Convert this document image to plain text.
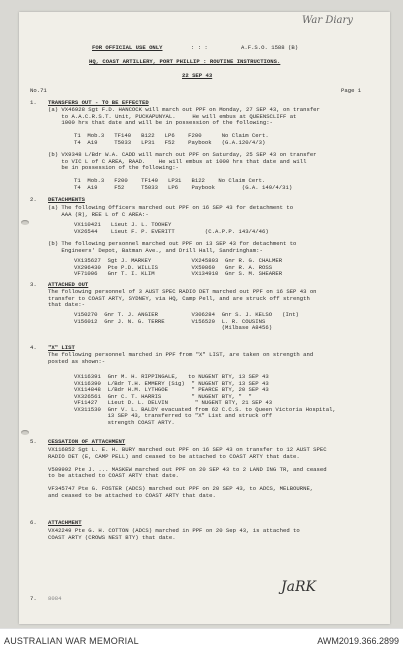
War Diary
FOR OFFICIAL USE ONLY	: : :	A.F.S.O. 1588 (B)
HQ, COAST ARTILLERY, PORT PHILLIP : ROUTINE INSTRUCTIONS.
22 SEP 43
No.71	Page 1
1. TRANSFERS OUT - TO BE EFFECTED
(a) VX46928 Sgt F.D. HANCOCK will march out PPF on Monday, 27 SEP 43, on transfer
to A.A.C.R.S.T. Unit, PUCKAPUNYAL.     He will embus at QUEENSCLIFF at
1000 hrs that date and will be in possession of the following:-
T1  Mob.3   TF140   B122   LP6    F200      No Claim Cert.
T4  A19     T5033   LP31   F52    Paybook   (G.A.120/4/3)
(b) VX9348 L/Bdr W.A. CADD will march out PPF on Saturday, 25 SEP 43 on transfer
to VIC L of C AREA, RAAD.    He will embus at 1000 hrs that date and will
be in possession of the following:-
T1  Mob.3   F200    TF140   LP31   B122    No Claim Cert.
T4  A19     F52     T5033   LP6    Paybook        (G.A. 149/4/31)
2. DETACHMENTS
(a) The following Officers marched out PPF on 16 SEP 43 for detachment to
AAA (R), REE L of C AREA:-
VX110421   Lieut J. L. TOOHEY
VX26544    Lieut F. P. EVERITT         (C.A.P.P. 143/4/46)
(b) The following personnel marched out PPF on 13 SEP 43 for detachment to
Engineers' Depot, Batman Ave., and Drill Hall, Sandringham:-
VX135627  Sgt J. MARKEY            VX245803  Gnr R. G. CHALMER
VX296430  Pte P.D. WILLIS          VX59860   Gnr R. A. ROSS
VF71006   Gnr T. I. KLIM           VX134910  Gnr S. M. SHEARER
3. ATTACHED OUT
The following personnel of 3 AUST SPEC RADIO DET marched out PPF on 16 SEP 43 on
transfer to COAST ARTY, SYDNEY, via HQ, Camp Pell, and are struck off strength
that date:-
V150270  Gnr T. J. ANGIER          V306284  Gnr S. J. KELSO   (Int)
V156012  Gnr J. N. G. TERRE        V156520  L. R. COUSINS
(Milbase A8456)
4. "X" LIST
The following personnel marched in PPF from "X" LIST, are taken on strength and
posted as shown:-
VX116391  Gnr M. H. RIPPINGALE,   to NUGENT BTY, 13 SEP 43
VX116390  L/Bdr T.H. EMMERY (Sig)  " NUGENT BTY, 13 SEP 43
VX114848  L/Bdr H.M. LYTHGOE       " PEARCE BTY, 20 SEP 43
VX326561  Gnr C. T. HARRIS         " NUGENT BTY, "  "
VF11427   Lieut D. L. DELVIN        " NUGENT BTY, 21 SEP 43
VX311530  Gnr V. L. BALDY evacuated from 62 C.C.S. to Queen Victoria Hospital,
13 SEP 43, transferred to "X" List and struck off
strength COAST ARTY.
5. CESSATION OF ATTACHMENT
VX116852 Sgt L. E. H. BURY marched out PPF on 16 SEP 43 on transfer to 12 AUST SPEC
RADIO DET (E, CAMP PELL) and ceased to be attached to COAST ARTY that date.

V509992 Pte J. ... MASKEW marched out PPF on 20 SEP 43 to 2 LAND ING TR, and ceased
to be attached to COAST ARTY that date.

VF345747 Pte G. FOSTER (ADCS) marched out PPF on 20 SEP 43, to ADCS, MELBOURNE,
and ceased to be attached to COAST ARTY that date.
6. ATTACHMENT
VX42249 Pte G. H. COTTON (ADCS) marched in PPF on 20 Sep 43, is attached to
COAST ARTY (CROWS NEST BTY) that date.
7. 8084
JaRK
AUSTRALIAN WAR MEMORIAL	AWM2019.366.2899
